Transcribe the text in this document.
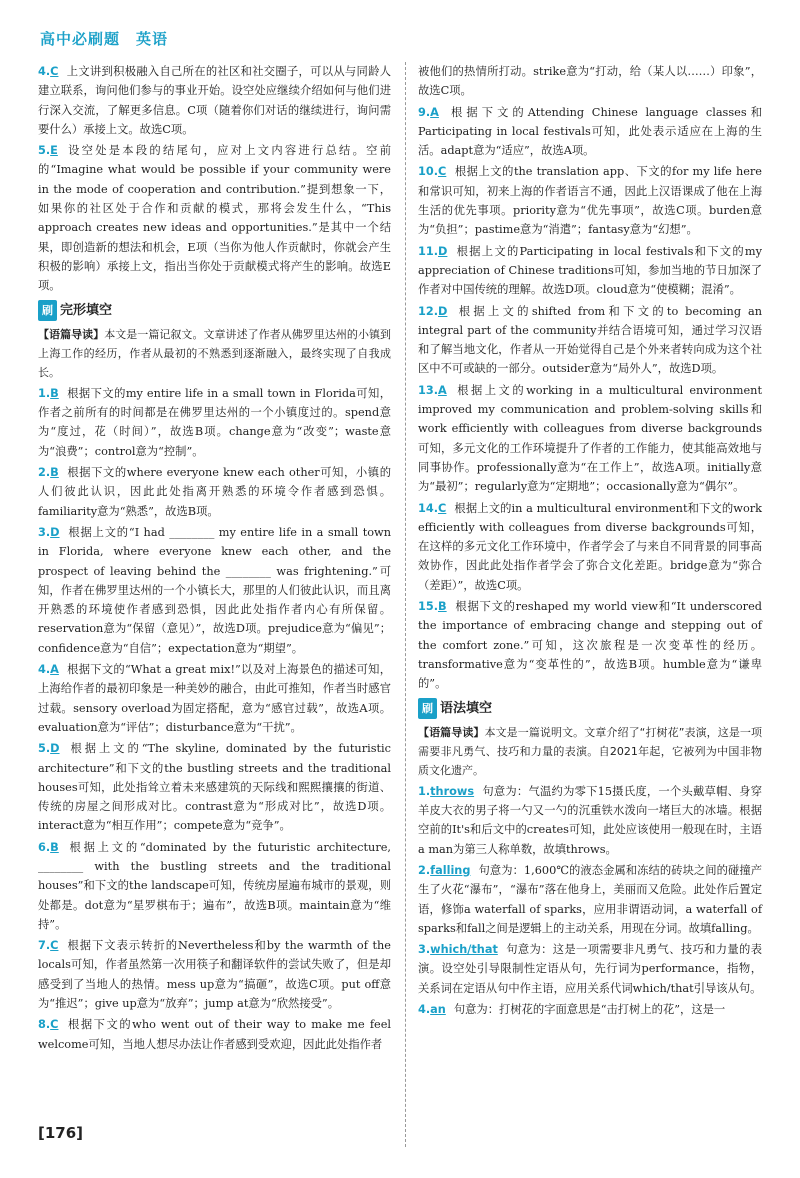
高中必刷题　英语
4.C 上文讲到积极融入自己所在的社区和社交圈子，可以从与同龄人建立联系，询问他们参与的事业开始。设空处应继续介绍如何与他们进行深入交流，了解更多信息。C项（随着你们对话的继续进行，询问需要什么）承接上文。故选C项。
5.E 设空处是本段的结尾句，应对上文内容进行总结。空前的“Imagine what would be possible if your community were in the mode of cooperation and contribution.”提到想象一下，如果你的社区处于合作和贡献的模式，那将会发生什么，“This approach creates new ideas and opportunities.”是其中一个结果，即创造新的想法和机会，E项（当你为他人作贡献时，你就会产生积极的影响）承接上文，指出当你处于贡献模式将产生的影响。故选E项。
刷 完形填空
【语篇导读】本文是一篇记叙文。文章讲述了作者从佛罗里达州的小镇到上海工作的经历，作者从最初的不熟悉到逐渐融入，最终实现了自我成长。
1.B 根据下文的my entire life in a small town in Florida可知，作者之前所有的时间都是在佛罗里达州的一个小镇度过的。spend意为“度过，花（时间）”，故选B项。change意为“改变”；waste意为“浪费”；control意为“控制”。
2.B 根据下文的where everyone knew each other可知，小镇的人们彼此认识，因此此处指离开熟悉的环境令作者感到恐惧。familiarity意为“熟悉”，故选B项。
3.D 根据上文的“I had ________ my entire life in a small town in Florida, where everyone knew each other, and the prospect of leaving behind the ________ was frightening.”可知，作者在佛罗里达州的一个小镇长大，那里的人们彼此认识，而且离开熟悉的环境使作者感到恐惧，因此此处指作者内心有所保留。reservation意为“保留（意见）”，故选D项。prejudice意为“偏见”；confidence意为“自信”；expectation意为“期望”。
4.A 根据下文的“What a great mix!”以及对上海景色的描述可知，上海给作者的最初印象是一种美妙的融合，由此可推知，作者当时感官过载。sensory overload为固定搭配，意为“感官过载”，故选A项。evaluation意为“评估”；disturbance意为“干扰”。
5.D 根据上文的“The skyline, dominated by the futuristic architecture”和下文的the bustling streets and the traditional houses可知，此处指耸立着未来感建筑的天际线和熙熙攘攘的街道、传统的房屋之间形成对比。contrast意为“形成对比”，故选D项。interact意为“相互作用”；compete意为“竞争”。
6.B 根据上文的“dominated by the futuristic architecture, ________ with the bustling streets and the traditional houses”和下文的the landscape可知，传统房屋遍布城市的景观，则处都是。dot意为“星罗棋布于；遍布”，故选B项。maintain意为“维持”。
7.C 根据下文表示转折的Nevertheless和by the warmth of the locals可知，作者虽然第一次用筷子和翻译软件的尝试失败了，但是却感受到了当地人的热情。mess up意为“搞砸”，故选C项。put off意为“推迟”；give up意为“放弃”；jump at意为“欣然接受”。
8.C 根据下文的who went out of their way to make me feel welcome可知，当地人想尽办法让作者感到受欢迎，因此此处指作者
被他们的热情所打动。strike意为“打动，给（某人以……）印象”，故选C项。
9.A 根据下文的Attending Chinese language classes和Participating in local festivals可知，此处表示适应在上海的生活。adapt意为“适应”，故选A项。
10.C 根据上文的the translation app、下文的for my life here和常识可知，初来上海的作者语言不通，因此上汉语课成了他在上海生活的优先事项。priority意为“优先事项”，故选C项。burden意为“负担”；pastime意为“消遣”；fantasy意为“幻想”。
11.D 根据上文的Participating in local festivals和下文的my appreciation of Chinese traditions可知，参加当地的节日加深了作者对中国传统的理解。故选D项。cloud意为“使模糊；混淆”。
12.D 根据上文的shifted from和下文的to becoming an integral part of the community并结合语境可知，通过学习汉语和了解当地文化，作者从一开始觉得自己是个外来者转向成为这个社区中不可或缺的一部分。outsider意为“局外人”，故选D项。
13.A 根据上文的working in a multicultural environment improved my communication and problem-solving skills和work efficiently with colleagues from diverse backgrounds可知，多元文化的工作环境提升了作者的工作能力，使其能高效地与同事协作。professionally意为“在工作上”，故选A项。initially意为“最初”；regularly意为“定期地”；occasionally意为“偶尔”。
14.C 根据上文的in a multicultural environment和下文的work efficiently with colleagues from diverse backgrounds可知，在这样的多元文化工作环境中，作者学会了与来自不同背景的同事高效协作，因此此处指作者学会了弥合文化差距。bridge意为“弥合（差距）”，故选C项。
15.B 根据下文的reshaped my world view和“It underscored the importance of embracing change and stepping out of the comfort zone.”可知，这次旅程是一次变革性的经历。transformative意为“变革性的”，故选B项。humble意为“谦卑的”。
刷 语法填空
【语篇导读】本文是一篇说明文。文章介绍了“打树花”表演，这是一项需要非凡勇气、技巧和力量的表演。自2021年起，它被列为中国非物质文化遗产。
1.throws 句意为：气温约为零下15摄氏度，一个头戴草帽、身穿羊皮大衣的男子将一勺又一勺的沉重铁水泼向一堵巨大的冰墙。根据空前的It's和后文中的creates可知，此处应该使用一般现在时，主语a man为第三人称单数，故填throws。
2.falling 句意为：1,600℃的液态金属和冻结的砖块之间的碰撞产生了火花“瀑布”，“瀑布”落在他身上，美丽而又危险。此处作后置定语，修饰a waterfall of sparks，应用非谓语动词，a waterfall of sparks和fall之间是逻辑上的主动关系，用现在分词。故填falling。
3.which/that 句意为：这是一项需要非凡勇气、技巧和力量的表演。设空处引导限制性定语从句，先行词为performance，指物，关系词在定语从句中作主语，应用关系代词which/that引导该从句。
4.an 句意为：打树花的字面意思是“击打树上的花”，这是一
[176]
